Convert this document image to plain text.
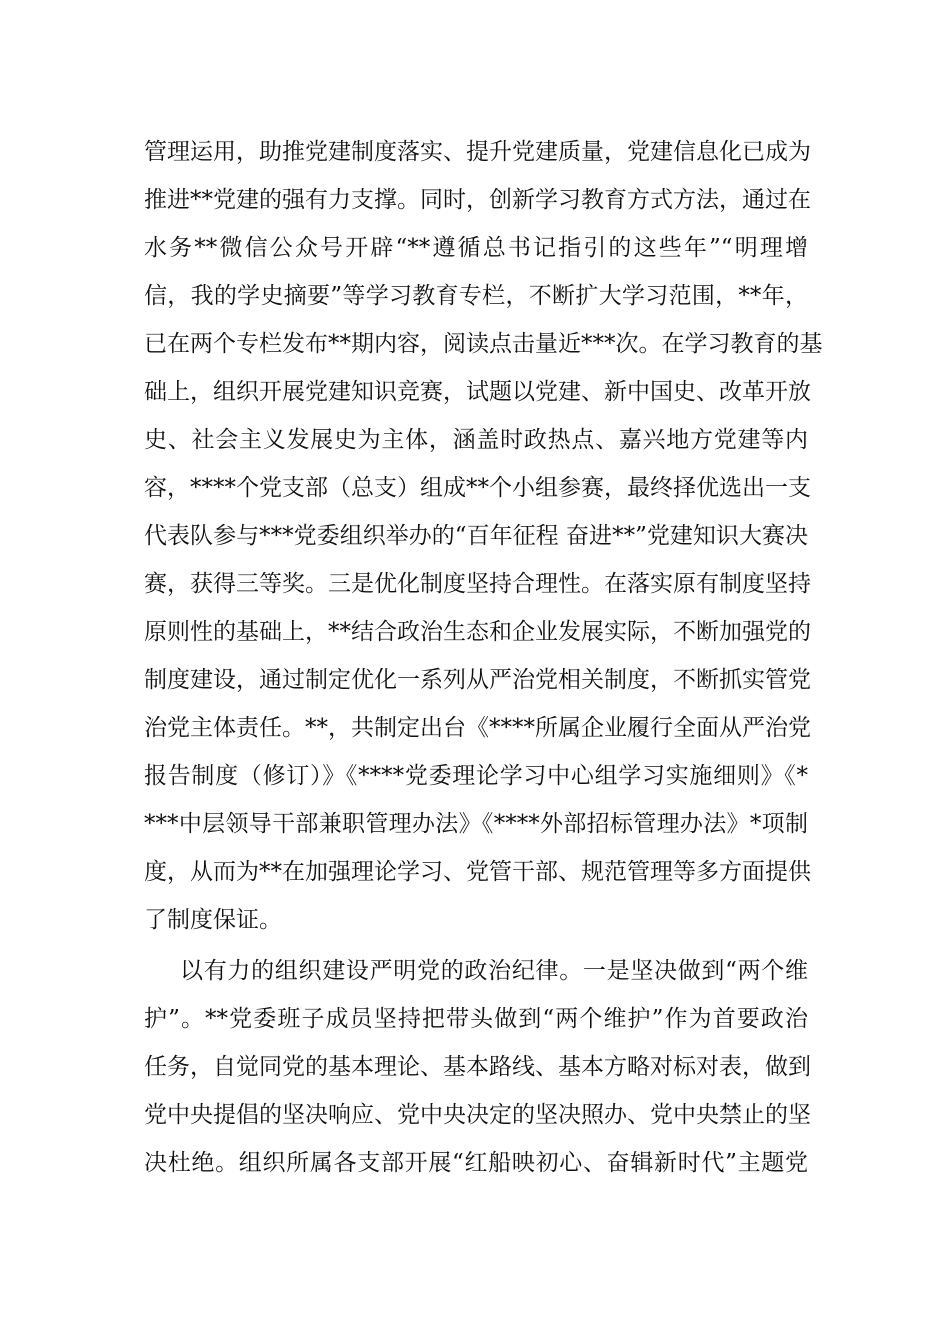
管理运用，助推党建制度落实、提升党建质量，党建信息化已成为
推进**党建的强有力支撑。同时，创新学习教育方式方法，通过在
水务**微信公众号开辟“**遵循总书记指引的这些年”“明理增
信，我的学史摘要”等学习教育专栏，不断扩大学习范围，**年，
已在两个专栏发布**期内容，阅读点击量近***次。在学习教育的基
础上，组织开展党建知识竞赛，试题以党建、新中国史、改革开放
史、社会主义发展史为主体，涵盖时政热点、嘉兴地方党建等内
容，****个党支部（总支）组成**个小组参赛，最终择优选出一支
代表队参与***党委组织举办的“百年征程 奋进**”党建知识大赛决
赛，获得三等奖。三是优化制度坚持合理性。在落实原有制度坚持
原则性的基础上，**结合政治生态和企业发展实际，不断加强党的
制度建设，通过制定优化一系列从严治党相关制度，不断抓实管党
治党主体责任。**，共制定出台《****所属企业履行全面从严治党
报告制度（修订）》《****党委理论学习中心组学习实施细则》《*
***中层领导干部兼职管理办法》《****外部招标管理办法》*项制
度，从而为**在加强理论学习、党管干部、规范管理等多方面提供
了制度保证。
以有力的组织建设严明党的政治纪律。一是坚决做到“两个维
护”。**党委班子成员坚持把带头做到“两个维护”作为首要政治
任务，自觉同党的基本理论、基本路线、基本方略对标对表，做到
党中央提倡的坚决响应、党中央决定的坚决照办、党中央禁止的坚
决杜绝。组织所属各支部开展“红船映初心、奋辑新时代”主题党
